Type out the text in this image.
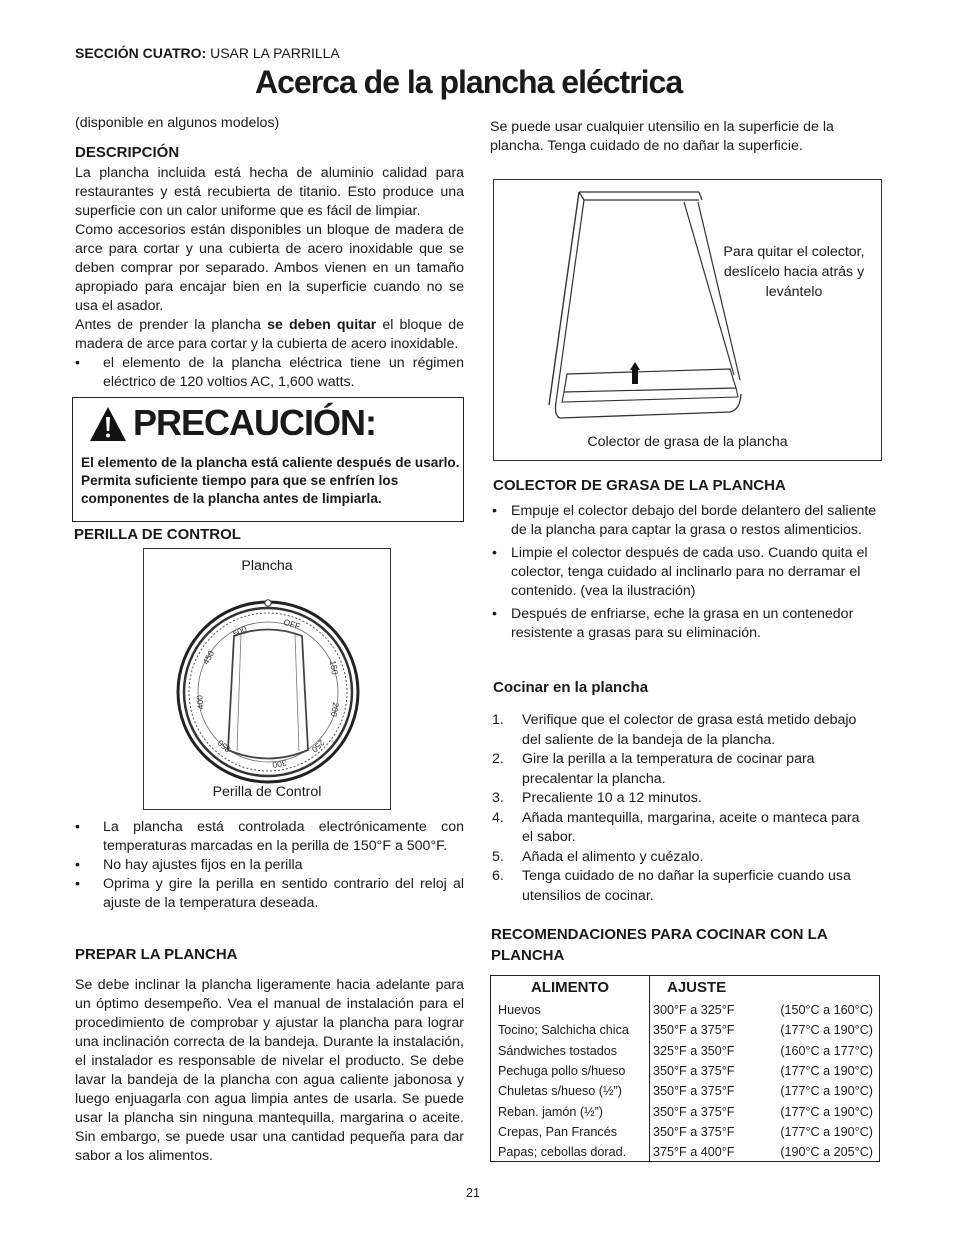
SECCIÓN CUATRO: USAR LA PARRILLA
Acerca de la plancha eléctrica
(disponible en algunos modelos)
DESCRIPCIÓN
La plancha incluida está hecha de aluminio calidad para restaurantes y está recubierta de titanio. Esto produce una superficie con un calor uniforme que es fácil de limpiar.
Como accesorios están disponibles un bloque de madera de arce para cortar y una cubierta de acero inoxidable que se deben comprar por separado. Ambos vienen en un tamaño apropiado para encajar bien en la superficie cuando no se usa el asador.
Antes de prender la plancha se deben quitar el bloque de madera de arce para cortar y la cubierta de acero inoxidable.
• el elemento de la plancha eléctrica tiene un régimen eléctrico de 120 voltios AC, 1,600 watts.
PRECAUCIÓN:
El elemento de la plancha está caliente después de usarlo. Permita suficiente tiempo para que se enfríen los componentes de la plancha antes de limpiarla.
PERILLA DE CONTROL
Plancha
OFF
150
200
250
300
350
400
450
500
Perilla de Control
• La plancha está controlada electrónicamente con temperaturas marcadas en la perilla de 150°F a 500°F.
• No hay ajustes fijos en la perilla
• Oprima y gire la perilla en sentido contrario del reloj al ajuste de la temperatura deseada.
PREPAR LA PLANCHA
Se debe inclinar la plancha ligeramente hacia adelante para un óptimo desempeño. Vea el manual de instalación para el procedimiento de comprobar y ajustar la plancha para lograr una inclinación correcta de la bandeja. Durante la instalación, el instalador es responsable de nivelar el producto. Se debe lavar la bandeja de la plancha con agua caliente jabonosa y luego enjuagarla con agua limpia antes de usarla. Se puede usar la plancha sin ninguna mantequilla, margarina o aceite. Sin embargo, se puede usar una cantidad pequeña para dar sabor a los alimentos.
Se puede usar cualquier utensilio en la superficie de la plancha. Tenga cuidado de no dañar la superficie.
Para quitar el colector, deslícelo hacia atrás y levántelo
Colector de grasa de la plancha
COLECTOR DE GRASA DE LA PLANCHA
• Empuje el colector debajo del borde delantero del saliente de la plancha para captar la grasa o restos alimenticios.
• Limpie el colector después de cada uso. Cuando quita el colector, tenga cuidado al inclinarlo para no derramar el contenido. (vea la ilustración)
• Después de enfriarse, eche la grasa en un contenedor resistente a grasas para su eliminación.
Cocinar en la plancha
1. Verifique que el colector de grasa está metido debajo del saliente de la bandeja de la plancha.
2. Gire la perilla a la temperatura de cocinar para precalentar la plancha.
3. Precaliente 10 a 12 minutos.
4. Añada mantequilla, margarina, aceite o manteca para el sabor.
5. Añada el alimento y cuézalo.
6. Tenga cuidado de no dañar la superficie cuando usa utensilios de cocinar.
RECOMENDACIONES PARA COCINAR CON LA
PLANCHA
ALIMENTO	AJUSTE
Huevos	300°F a 325°F	(150°C a 160°C)
Tocino; Salchicha chica	350°F a 375°F	(177°C a 190°C)
Sándwiches tostados	325°F a 350°F	(160°C a 177°C)
Pechuga pollo s/hueso	350°F a 375°F	(177°C a 190°C)
Chuletas s/hueso (½”)	350°F a 375°F	(177°C a 190°C)
Reban. jamón (½”)	350°F a 375°F	(177°C a 190°C)
Crepas, Pan Francés	350°F a 375°F	(177°C a 190°C)
Papas; cebollas dorad.	375°F a 400°F	(190°C a 205°C)
21
